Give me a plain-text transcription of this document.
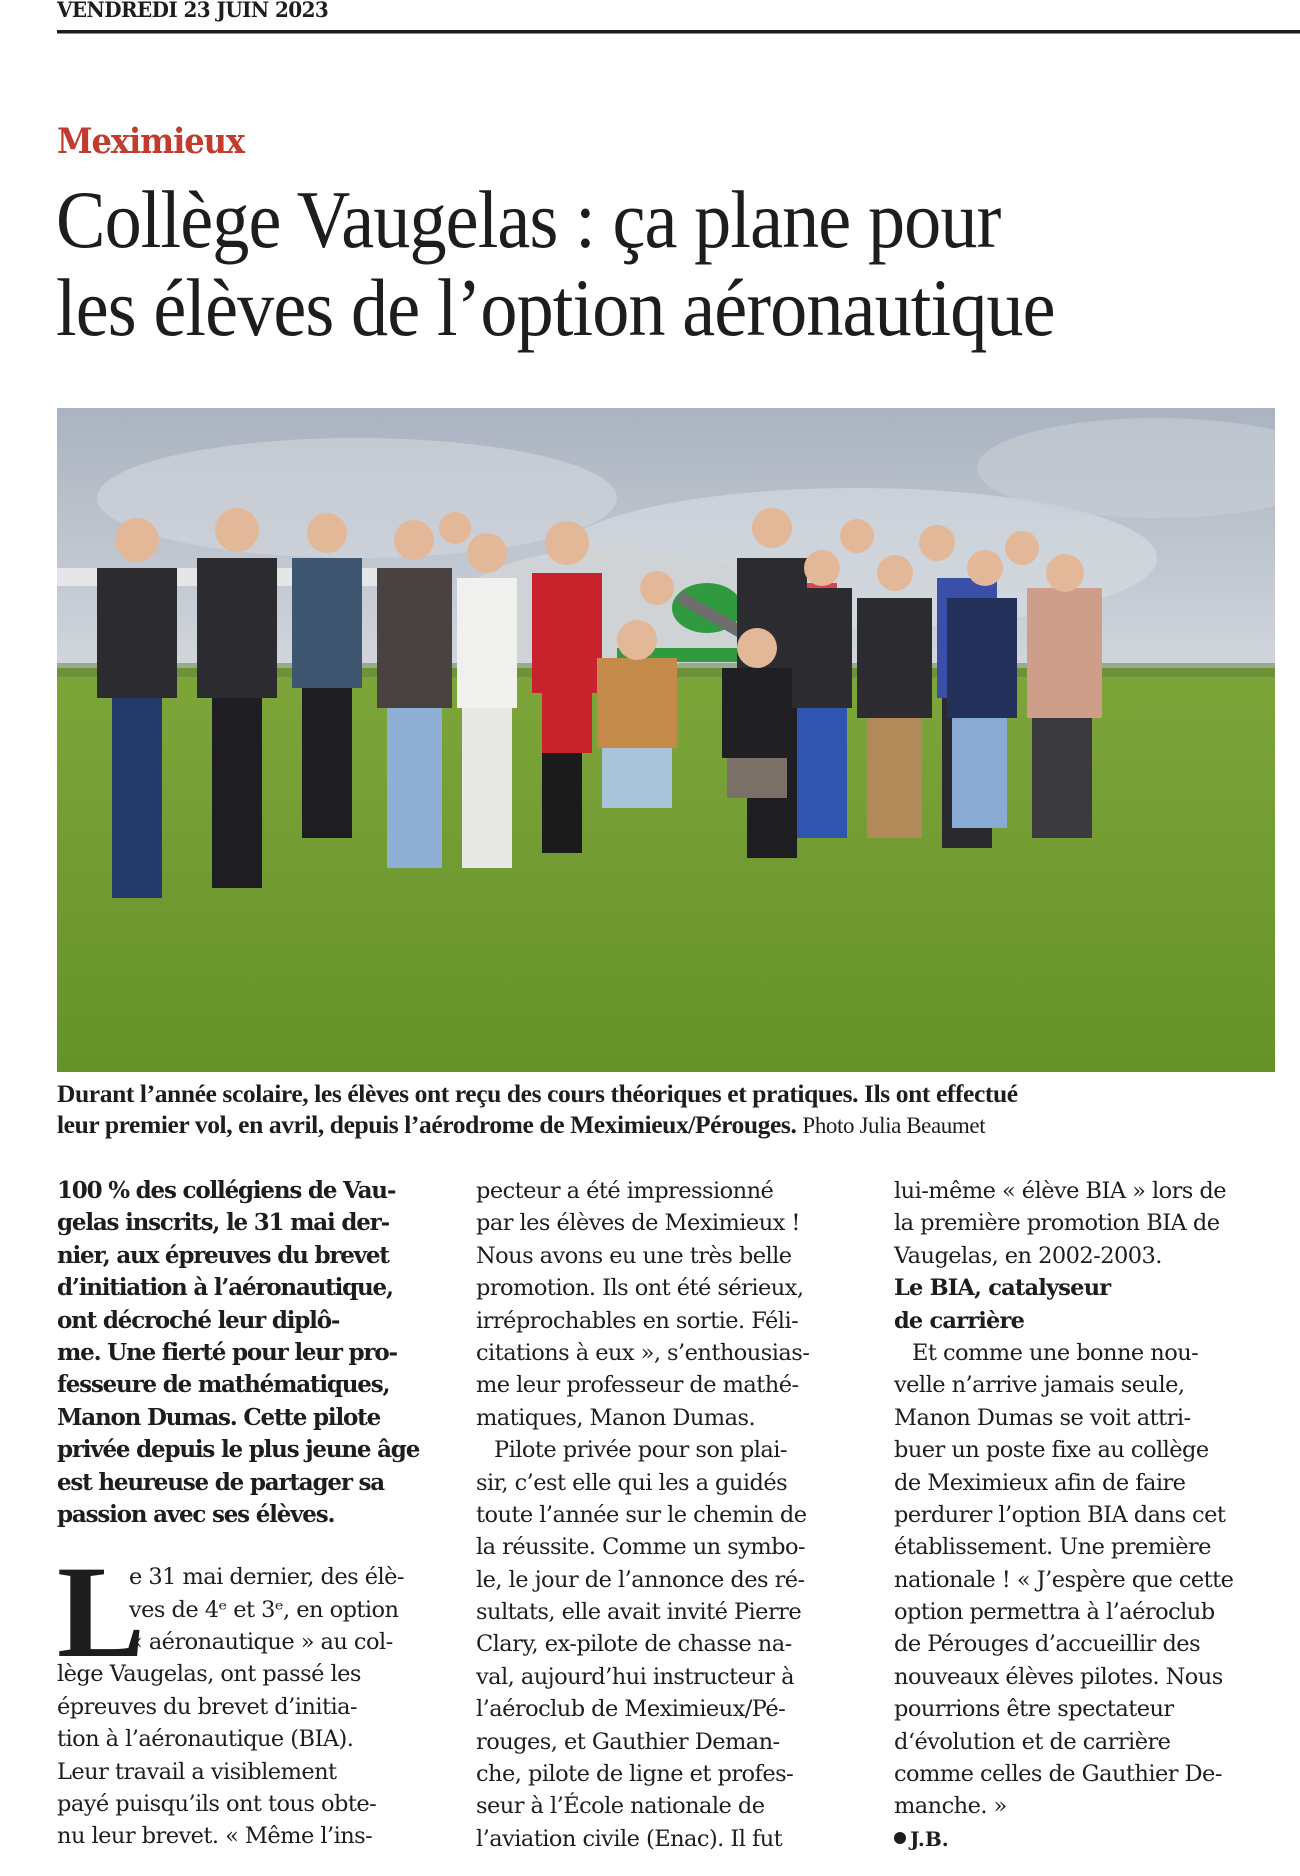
VENDREDI 23 JUIN 2023
Meximieux
Collège Vaugelas : ça plane pour
les élèves de l’option aéronautique
Durant l’année scolaire, les élèves ont reçu des cours théoriques et pratiques. Ils ont effectué
leur premier vol, en avril, depuis l’aérodrome de Meximieux/Pérouges. Photo Julia Beaumet
100 % des collégiens de Vau-
gelas inscrits, le 31 mai der-
nier, aux épreuves du brevet
d’initiation à l’aéronautique,
ont décroché leur diplô-
me. Une fierté pour leur pro-
fesseure de mathématiques,
Manon Dumas. Cette pilote
privée depuis le plus jeune âge
est heureuse de partager sa
passion avec ses élèves.
L
e 31 mai dernier, des élè-
ves de 4ᵉ et 3ᵉ, en option
« aéronautique » au col-
lège Vaugelas, ont passé les
épreuves du brevet d’initia-
tion à l’aéronautique (BIA).
Leur travail a visiblement
payé puisqu’ils ont tous obte-
nu leur brevet. « Même l’ins-
pecteur a été impressionné
par les élèves de Meximieux !
Nous avons eu une très belle
promotion. Ils ont été sérieux,
irréprochables en sortie. Féli-
citations à eux », s’enthousias-
me leur professeur de mathé-
matiques, Manon Dumas.
Pilote privée pour son plai-
sir, c’est elle qui les a guidés
toute l’année sur le chemin de
la réussite. Comme un symbo-
le, le jour de l’annonce des ré-
sultats, elle avait invité Pierre
Clary, ex-pilote de chasse na-
val, aujourd’hui instructeur à
l’aéroclub de Meximieux/Pé-
rouges, et Gauthier Deman-
che, pilote de ligne et profes-
seur à l’École nationale de
l’aviation civile (Enac). Il fut
lui-même « élève BIA » lors de
la première promotion BIA de
Vaugelas, en 2002-2003.
Le BIA, catalyseur
de carrière
Et comme une bonne nou-
velle n’arrive jamais seule,
Manon Dumas se voit attri-
buer un poste fixe au collège
de Meximieux afin de faire
perdurer l’option BIA dans cet
établissement. Une première
nationale ! « J’espère que cette
option permettra à l’aéroclub
de Pérouges d’accueillir des
nouveaux élèves pilotes. Nous
pourrions être spectateur
d‘évolution et de carrière
comme celles de Gauthier De-
manche. »
J.B.
